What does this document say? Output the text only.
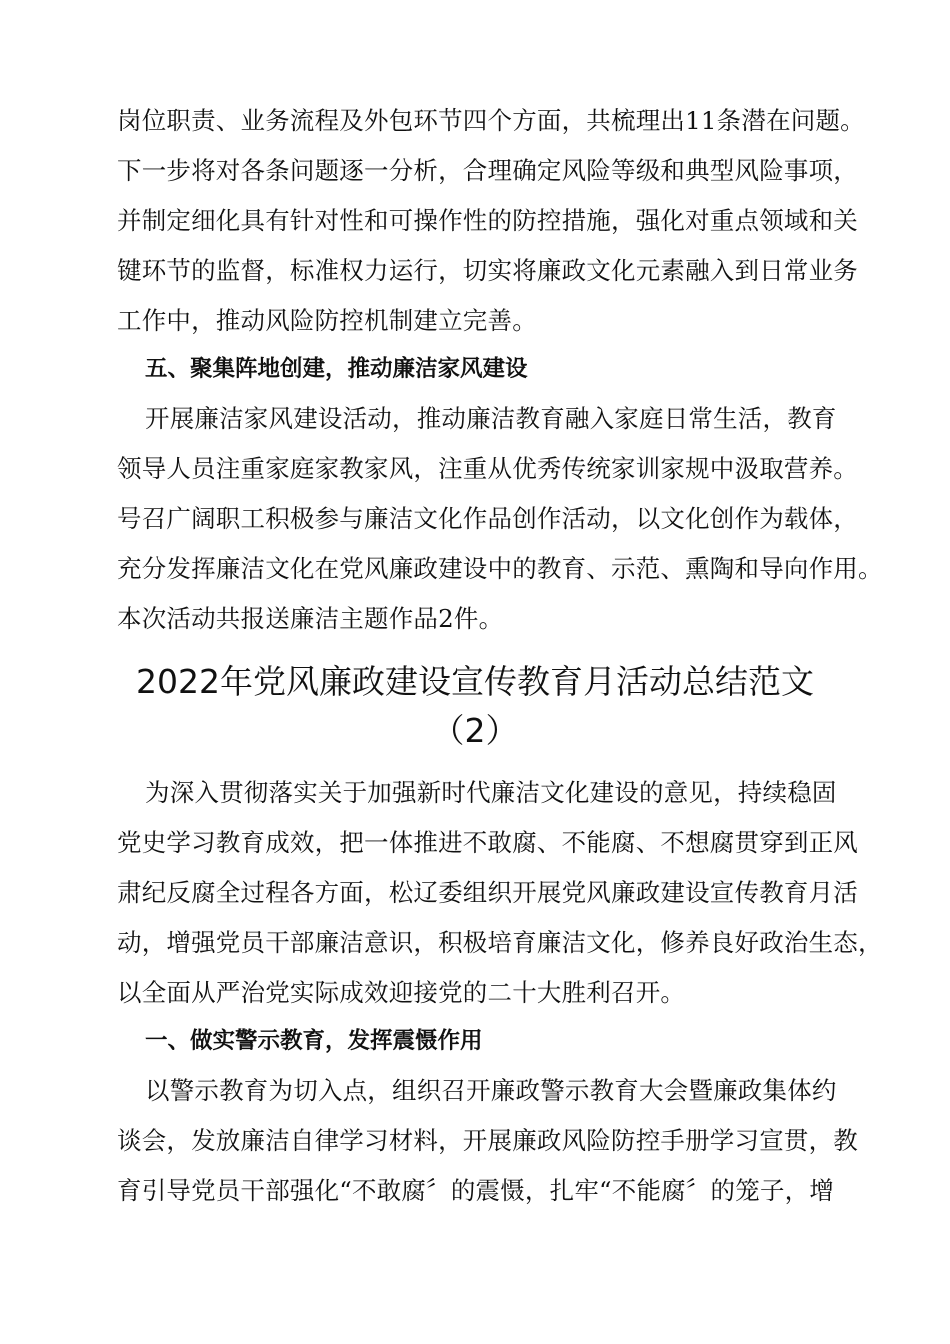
岗位职责、业务流程及外包环节四个方面，共梳理出11条潜在问题。
下一步将对各条问题逐一分析，合理确定风险等级和典型风险事项，
并制定细化具有针对性和可操作性的防控措施，强化对重点领域和关
键环节的监督，标准权力运行，切实将廉政文化元素融入到日常业务
工作中，推动风险防控机制建立完善。
五、聚集阵地创建，推动廉洁家风建设
开展廉洁家风建设活动，推动廉洁教育融入家庭日常生活，教育
领导人员注重家庭家教家风，注重从优秀传统家训家规中汲取营养。
号召广阔职工积极参与廉洁文化作品创作活动，以文化创作为载体，
充分发挥廉洁文化在党风廉政建设中的教育、示范、熏陶和导向作用。
本次活动共报送廉洁主题作品2件。
2022年党风廉政建设宣传教育月活动总结范文
（2）
为深入贯彻落实关于加强新时代廉洁文化建设的意见，持续稳固
党史学习教育成效，把一体推进不敢腐、不能腐、不想腐贯穿到正风
肃纪反腐全过程各方面，松辽委组织开展党风廉政建设宣传教育月活
动，增强党员干部廉洁意识，积极培育廉洁文化，修养良好政治生态，
以全面从严治党实际成效迎接党的二十大胜利召开。
一、做实警示教育，发挥震慑作用
以警示教育为切入点，组织召开廉政警示教育大会暨廉政集体约
谈会，发放廉洁自律学习材料，开展廉政风险防控手册学习宣贯，教
育引导党员干部强化“不敢腐〞的震慑，扎牢“不能腐〞的笼子，增
